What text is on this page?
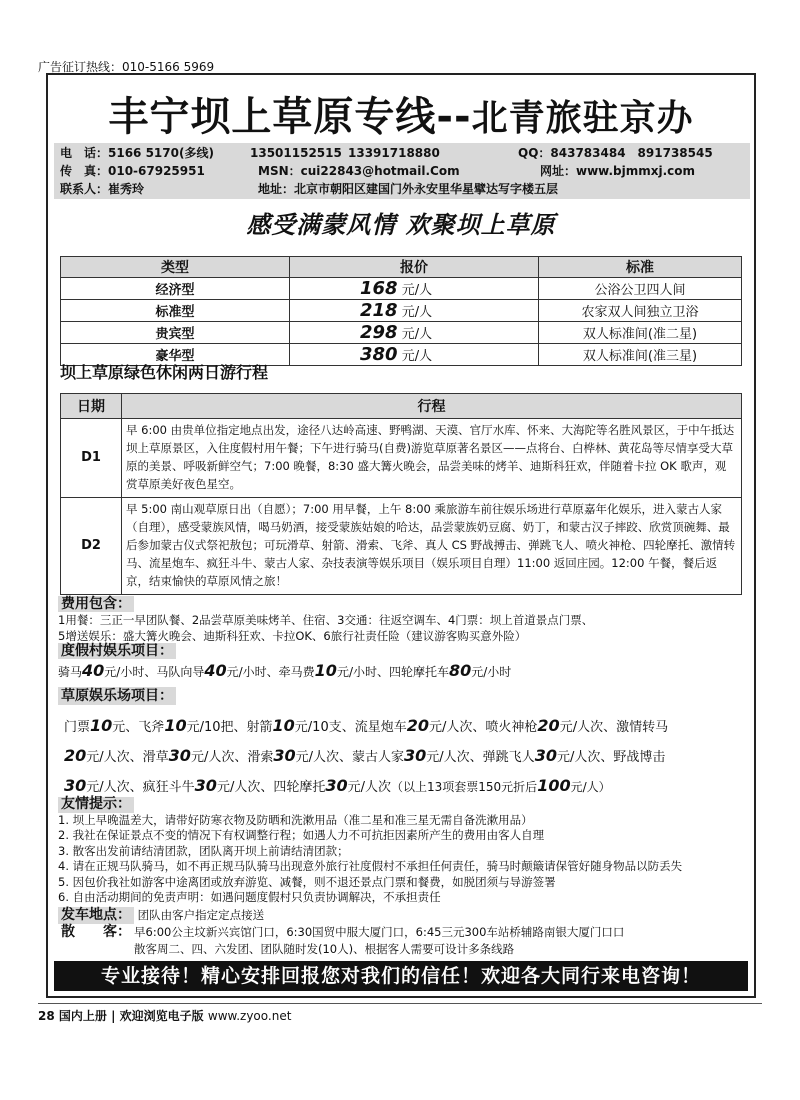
广告征订热线：010-5166 5969
丰宁坝上草原专线--北青旅驻京办
电　话：5166 5170(多线)	13501152515 13391718880	QQ：843783484　891738545
传　真：010-67925951	MSN：cui22843@hotmail.Com	网址：www.bjmmxj.com
联系人：崔秀玲	地址：北京市朝阳区建国门外永安里华星擘达写字楼五层
感受满蒙风情 欢聚坝上草原
类型	报价	标准
经济型	168 元/人	公浴公卫四人间
标准型	218 元/人	农家双人间独立卫浴
贵宾型	298 元/人	双人标准间(准二星)
豪华型	380 元/人	双人标准间(准三星)
坝上草原绿色休闲两日游行程
日期	行程
D1	早 6:00 由贵单位指定地点出发，途径八达岭高速、野鸭湖、天漠、官厅水库、怀来、大海陀等名胜风景区，于中午抵达坝上草原景区，入住度假村用午餐；下午进行骑马(自费)游览草原著名景区——点将台、白桦林、黄花岛等尽情享受大草原的美景、呼吸新鲜空气；7:00 晚餐，8:30 盛大篝火晚会，品尝美味的烤羊、迪斯科狂欢，伴随着卡拉 OK 歌声，观赏草原美好夜色星空。
D2	早 5:00 南山观草原日出（自愿）；7:00 用早餐，上午 8:00 乘旅游车前往娱乐场进行草原嘉年化娱乐，进入蒙古人家（自理），感受蒙族风情，喝马奶酒，接受蒙族姑娘的哈达，品尝蒙族奶豆腐、奶丁，和蒙古汉子摔跤、欣赏顶碗舞、最后参加蒙古仪式祭祀敖包；可玩滑草、射箭、滑索、飞斧、真人 CS 野战搏击、弹跳飞人、喷火神枪、四轮摩托、激情转马、流星炮车、疯狂斗牛、蒙古人家、杂技表演等娱乐项目（娱乐项目自理）11:00 返回庄园。12:00 午餐，餐后返京，结束愉快的草原风情之旅！
费用包含：
1用餐：三正一早团队餐、2品尝草原美味烤羊、住宿、3交通：往返空调车、4门票：坝上首道景点门票、
5增送娱乐：盛大篝火晚会、迪斯科狂欢、卡拉OK、6旅行社责任险（建议游客购买意外险）
度假村娱乐项目：
骑马40元/小时、马队向导40元/小时、牵马费10元/小时、四轮摩托车80元/小时
草原娱乐场项目：
门票10元、飞斧10元/10把、射箭10元/10支、流星炮车20元/人次、喷火神枪20元/人次、激情转马
20元/人次、滑草30元/人次、滑索30元/人次、蒙古人家30元/人次、弹跳飞人30元/人次、野战博击
30元/人次、疯狂斗牛30元/人次、四轮摩托30元/人次（以上13项套票150元折后100元/人）
友情提示：
1. 坝上早晚温差大，请带好防寒衣物及防晒和洗漱用品（准二星和准三星无需自备洗漱用品）
2. 我社在保证景点不变的情况下有权调整行程；如遇人力不可抗拒因素所产生的费用由客人自理
3. 散客出发前请结清团款，团队离开坝上前请结清团款；
4. 请在正规马队骑马，如不再正规马队骑马出现意外旅行社度假村不承担任何责任，骑马时颠簸请保管好随身物品以防丢失
5. 因包价我社如游客中途离团或放弃游览、减餐，则不退还景点门票和餐费，如脱团须与导游签署
6. 自由活动期间的免责声明：如遇问题度假村只负责协调解决，不承担责任
发车地点： 团队由客户指定定点接送
散　　客： 早6:00公主坟新兴宾馆门口，6:30国贸中服大厦门口，6:45三元300车站桥辅路南银大厦门口口
散客周二、四、六发团、团队随时发(10人)、根据客人需要可设计多条线路
专业接待！精心安排回报您对我们的信任！欢迎各大同行来电咨询！
28 国内上册 | 欢迎浏览电子版 www.zyoo.net
